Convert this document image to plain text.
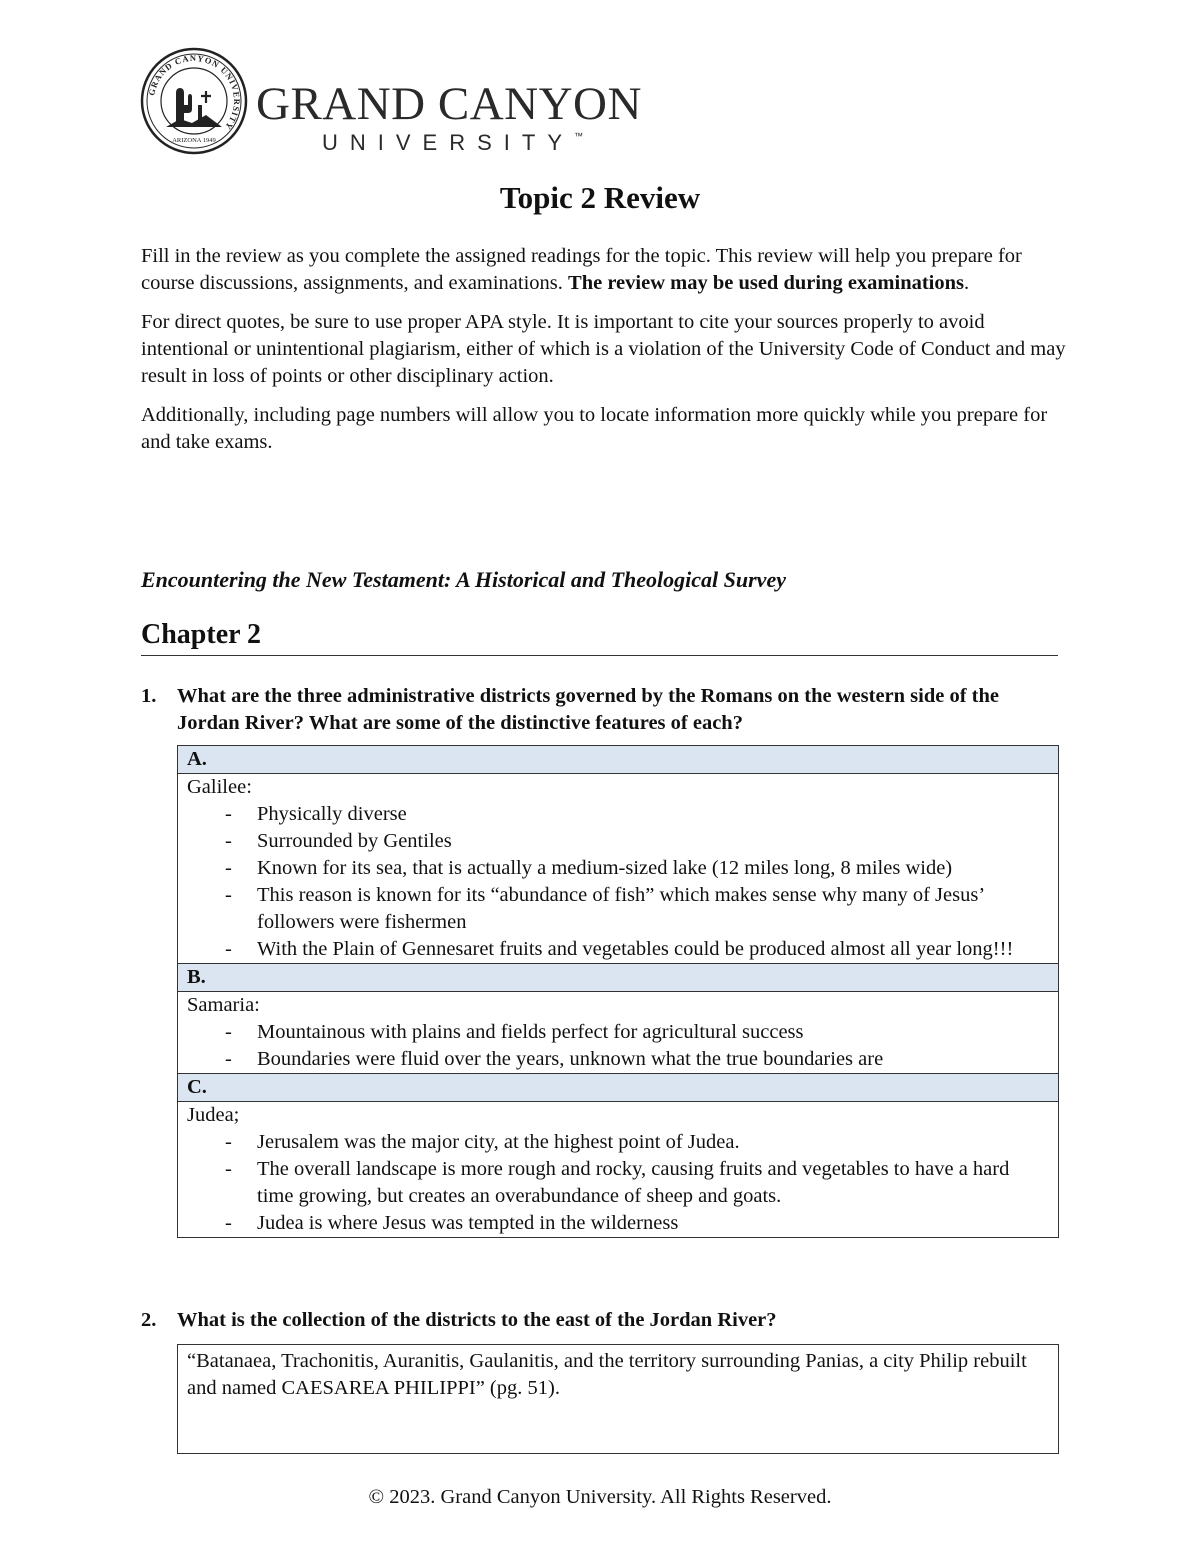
GRAND CANYON UNIVERSITY
ARIZONA 1949
GRAND CANYON
UNIVERSITY™
Topic 2 Review

Fill in the review as you complete the assigned readings for the topic. This review will help you prepare for course discussions, assignments, and examinations. The review may be used during examinations.

For direct quotes, be sure to use proper APA style. It is important to cite your sources properly to avoid intentional or unintentional plagiarism, either of which is a violation of the University Code of Conduct and may result in loss of points or other disciplinary action.

Additionally, including page numbers will allow you to locate information more quickly while you prepare for and take exams.

Encountering the New Testament: A Historical and Theological Survey
Chapter 2
1. What are the three administrative districts governed by the Romans on the western side of the Jordan River? What are some of the distinctive features of each?
A.

Galilee:
- Physically diverse
- Surrounded by Gentiles
- Known for its sea, that is actually a medium-sized lake (12 miles long, 8 miles wide)
- This reason is known for its “abundance of fish” which makes sense why many of Jesus’ followers were fishermen
- With the Plain of Gennesaret fruits and vegetables could be produced almost all year long!!!

B.

Samaria:
- Mountainous with plains and fields perfect for agricultural success
- Boundaries were fluid over the years, unknown what the true boundaries are

C.

Judea;
- Jerusalem was the major city, at the highest point of Judea.
- The overall landscape is more rough and rocky, causing fruits and vegetables to have a hard time growing, but creates an overabundance of sheep and goats.
- Judea is where Jesus was tempted in the wilderness
2. What is the collection of the districts to the east of the Jordan River?
“Batanaea, Trachonitis, Auranitis, Gaulanitis, and the territory surrounding Panias, a city Philip rebuilt and named CAESAREA PHILIPPI” (pg. 51).
© 2023. Grand Canyon University. All Rights Reserved.
